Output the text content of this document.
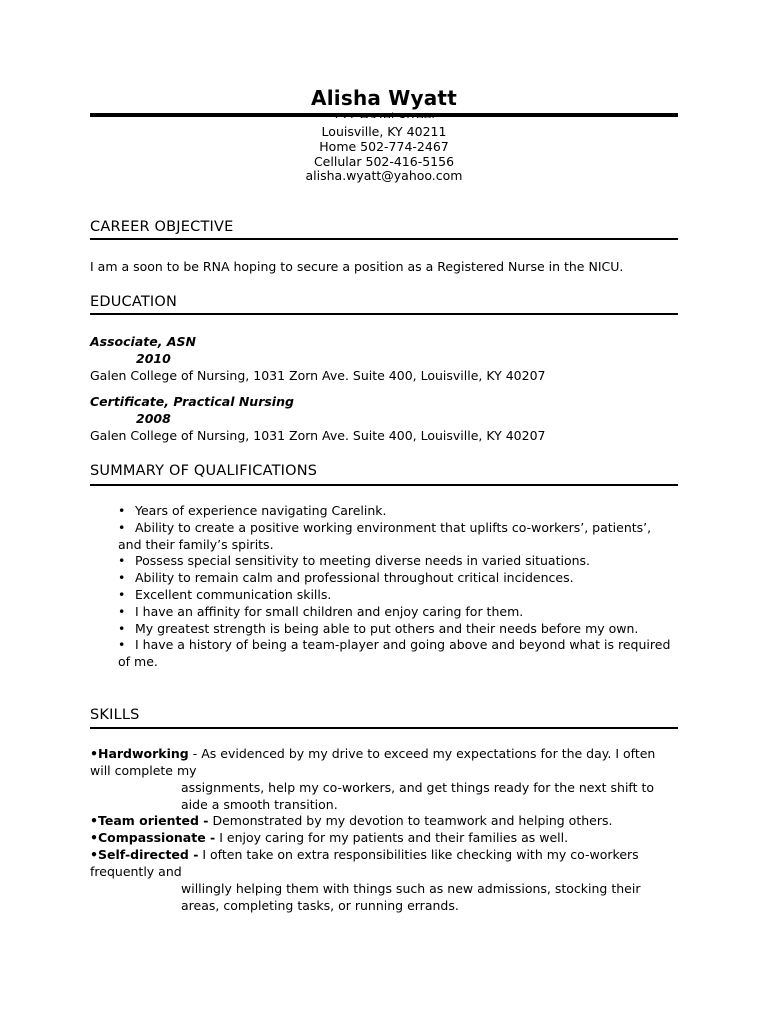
Alisha Wyatt
Louisville, KY 40211
Home 502-774-2467
Cellular 502-416-5156
alisha.wyatt@yahoo.com
CAREER OBJECTIVE
I am a soon to be RNA hoping to secure a position as a Registered Nurse in the NICU.
EDUCATION
Associate, ASN
2010
Galen College of Nursing, 1031 Zorn Ave. Suite 400, Louisville, KY 40207
Certificate, Practical Nursing
2008
Galen College of Nursing, 1031 Zorn Ave. Suite 400, Louisville, KY 40207
SUMMARY OF QUALIFICATIONS
• Years of experience navigating Carelink.
• Ability to create a positive working environment that uplifts co-workers’, patients’,
and their family’s spirits.
• Possess special sensitivity to meeting diverse needs in varied situations.
• Ability to remain calm and professional throughout critical incidences.
• Excellent communication skills.
• I have an affinity for small children and enjoy caring for them.
• My greatest strength is being able to put others and their needs before my own.
• I have a history of being a team-player and going above and beyond what is required
of me.
SKILLS
•Hardworking - As evidenced by my drive to exceed my expectations for the day. I often
will complete my
assignments, help my co-workers, and get things ready for the next shift to
aide a smooth transition.
•Team oriented - Demonstrated by my devotion to teamwork and helping others.
•Compassionate - I enjoy caring for my patients and their families as well.
•Self-directed - I often take on extra responsibilities like checking with my co-workers
frequently and
willingly helping them with things such as new admissions, stocking their
areas, completing tasks, or running errands.
